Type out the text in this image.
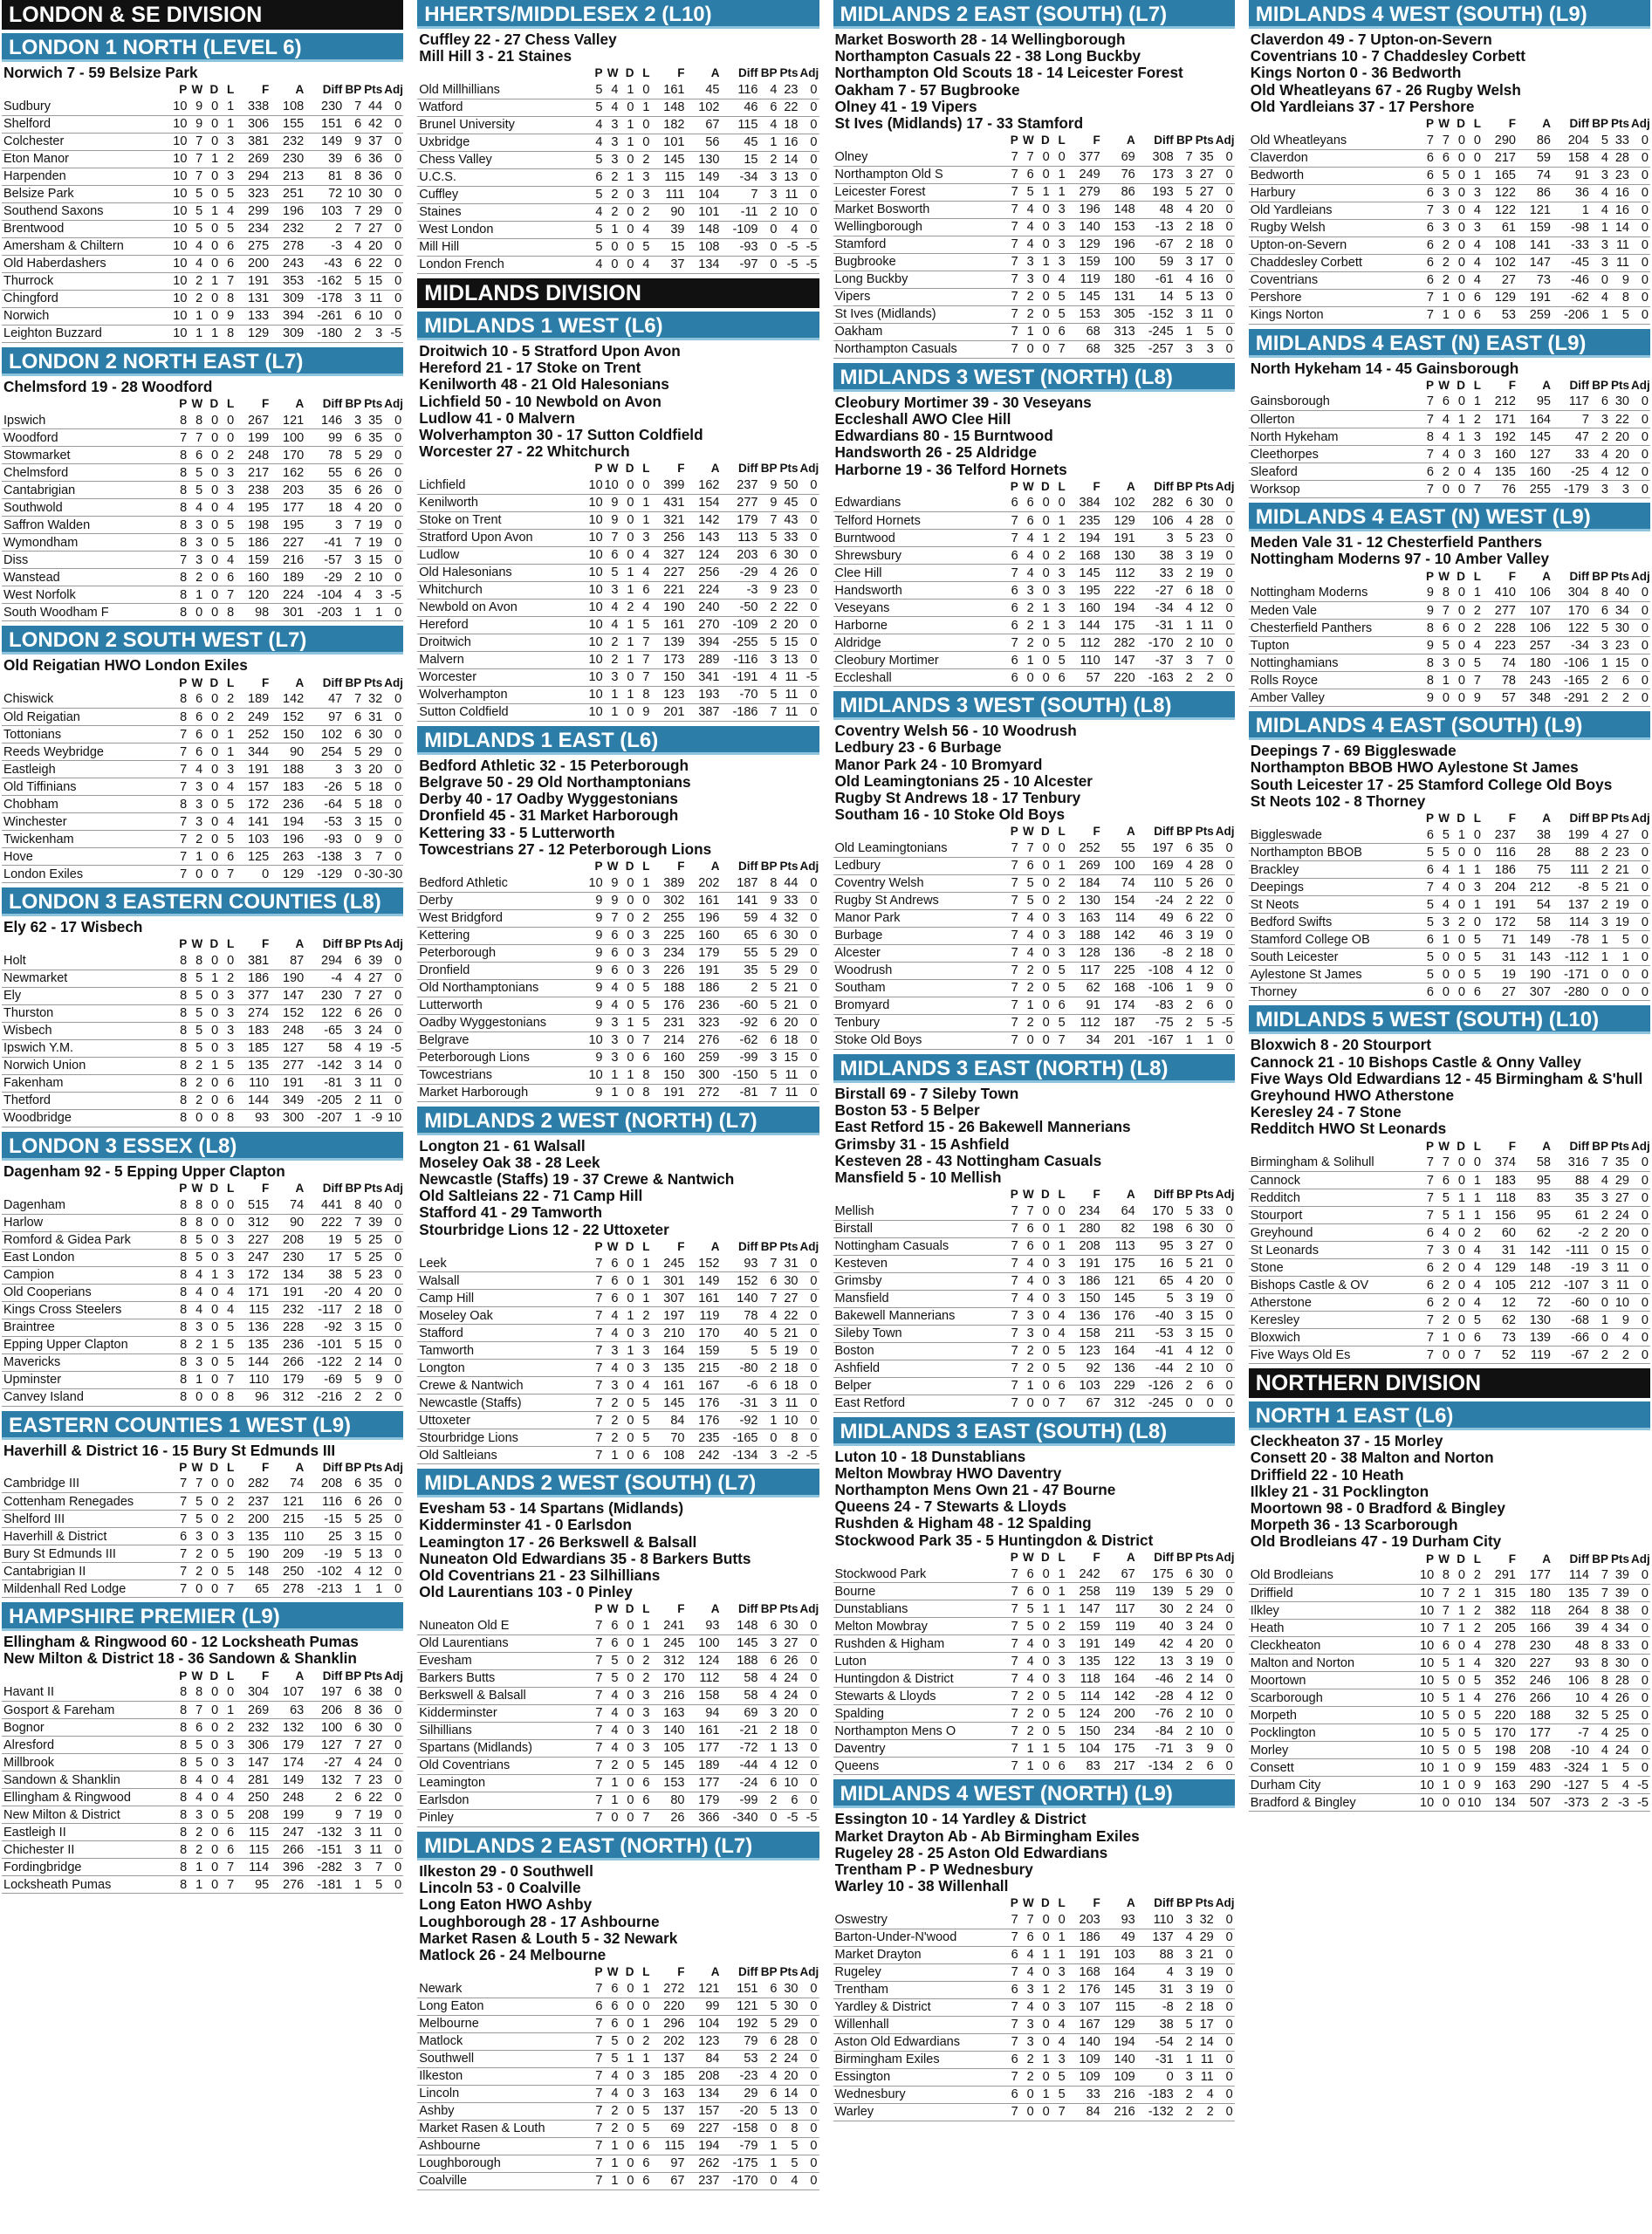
LONDON & SE DIVISION
LONDON 1 NORTH (LEVEL 6)
Norwich 7 - 59 Belsize Park
	P	W	D	L	F	A	Diff	BP	Pts	Adj
Sudbury	10	9	0	1	338	108	230	7	44	0
Shelford	10	9	0	1	306	155	151	6	42	0
Colchester	10	7	0	3	381	232	149	9	37	0
Eton Manor	10	7	1	2	269	230	39	6	36	0
Harpenden	10	7	0	3	294	213	81	8	36	0
Belsize Park	10	5	0	5	323	251	72	10	30	0
Southend Saxons	10	5	1	4	299	196	103	7	29	0
Brentwood	10	5	0	5	234	232	2	7	27	0
Amersham & Chiltern	10	4	0	6	275	278	-3	4	20	0
Old Haberdashers	10	4	0	6	200	243	-43	6	22	0
Thurrock	10	2	1	7	191	353	-162	5	15	0
Chingford	10	2	0	8	131	309	-178	3	11	0
Norwich	10	1	0	9	133	394	-261	6	10	0
Leighton Buzzard	10	1	1	8	129	309	-180	2	3	-5
LONDON 2 NORTH EAST (L7)
Chelmsford 19 - 28 Woodford
	P	W	D	L	F	A	Diff	BP	Pts	Adj
Ipswich	8	8	0	0	267	121	146	3	35	0
Woodford	7	7	0	0	199	100	99	6	35	0
Stowmarket	8	6	0	2	248	170	78	5	29	0
Chelmsford	8	5	0	3	217	162	55	6	26	0
Cantabrigian	8	5	0	3	238	203	35	6	26	0
Southwold	8	4	0	4	195	177	18	4	20	0
Saffron Walden	8	3	0	5	198	195	3	7	19	0
Wymondham	8	3	0	5	186	227	-41	7	19	0
Diss	7	3	0	4	159	216	-57	3	15	0
Wanstead	8	2	0	6	160	189	-29	2	10	0
West Norfolk	8	1	0	7	120	224	-104	4	3	-5
South Woodham F	8	0	0	8	98	301	-203	1	1	0
LONDON 2 SOUTH WEST (L7)
Old Reigatian HWO London Exiles
	P	W	D	L	F	A	Diff	BP	Pts	Adj
Chiswick	8	6	0	2	189	142	47	7	32	0
Old Reigatian	8	6	0	2	249	152	97	6	31	0
Tottonians	7	6	0	1	252	150	102	6	30	0
Reeds Weybridge	7	6	0	1	344	90	254	5	29	0
Eastleigh	7	4	0	3	191	188	3	3	20	0
Old Tiffinians	7	3	0	4	157	183	-26	5	18	0
Chobham	8	3	0	5	172	236	-64	5	18	0
Winchester	7	3	0	4	141	194	-53	3	15	0
Twickenham	7	2	0	5	103	196	-93	0	9	0
Hove	7	1	0	6	125	263	-138	3	7	0
London Exiles	7	0	0	7	0	129	-129	0	-30	-30
LONDON 3 EASTERN COUNTIES (L8)
Ely 62 - 17 Wisbech
	P	W	D	L	F	A	Diff	BP	Pts	Adj
Holt	8	8	0	0	381	87	294	6	39	0
Newmarket	8	5	1	2	186	190	-4	4	27	0
Ely	8	5	0	3	377	147	230	7	27	0
Thurston	8	5	0	3	274	152	122	6	26	0
Wisbech	8	5	0	3	183	248	-65	3	24	0
Ipswich Y.M.	8	5	0	3	185	127	58	4	19	-5
Norwich Union	8	2	1	5	135	277	-142	3	14	0
Fakenham	8	2	0	6	110	191	-81	3	11	0
Thetford	8	2	0	6	144	349	-205	2	11	0
Woodbridge	8	0	0	8	93	300	-207	1	-9	10
LONDON 3 ESSEX (L8)
Dagenham 92 - 5 Epping Upper Clapton
	P	W	D	L	F	A	Diff	BP	Pts	Adj
Dagenham	8	8	0	0	515	74	441	8	40	0
Harlow	8	8	0	0	312	90	222	7	39	0
Romford & Gidea Park	8	5	0	3	227	208	19	5	25	0
East London	8	5	0	3	247	230	17	5	25	0
Campion	8	4	1	3	172	134	38	5	23	0
Old Cooperians	8	4	0	4	171	191	-20	4	20	0
Kings Cross Steelers	8	4	0	4	115	232	-117	2	18	0
Braintree	8	3	0	5	136	228	-92	3	15	0
Epping Upper Clapton	8	2	1	5	135	236	-101	5	15	0
Mavericks	8	3	0	5	144	266	-122	2	14	0
Upminster	8	1	0	7	110	179	-69	5	9	0
Canvey Island	8	0	0	8	96	312	-216	2	2	0
EASTERN COUNTIES 1 WEST (L9)
Haverhill & District 16 - 15 Bury St Edmunds III
	P	W	D	L	F	A	Diff	BP	Pts	Adj
Cambridge III	7	7	0	0	282	74	208	6	35	0
Cottenham Renegades	7	5	0	2	237	121	116	6	26	0
Shelford III	7	5	0	2	200	215	-15	5	25	0
Haverhill & District	6	3	0	3	135	110	25	3	15	0
Bury St Edmunds III	7	2	0	5	190	209	-19	5	13	0
Cantabrigian II	7	2	0	5	148	250	-102	4	12	0
Mildenhall Red Lodge	7	0	0	7	65	278	-213	1	1	0
HAMPSHIRE PREMIER (L9)
Ellingham & Ringwood 60 - 12 Locksheath Pumas
New Milton & District 18 - 36 Sandown & Shanklin
	P	W	D	L	F	A	Diff	BP	Pts	Adj
Havant II	8	8	0	0	304	107	197	6	38	0
Gosport & Fareham	8	7	0	1	269	63	206	8	36	0
Bognor	8	6	0	2	232	132	100	6	30	0
Alresford	8	5	0	3	306	179	127	7	27	0
Millbrook	8	5	0	3	147	174	-27	4	24	0
Sandown & Shanklin	8	4	0	4	281	149	132	7	23	0
Ellingham & Ringwood	8	4	0	4	250	248	2	6	22	0
New Milton & District	8	3	0	5	208	199	9	7	19	0
Eastleigh II	8	2	0	6	115	247	-132	3	11	0
Chichester II	8	2	0	6	115	266	-151	3	11	0
Fordingbridge	8	1	0	7	114	396	-282	3	7	0
Locksheath Pumas	8	1	0	7	95	276	-181	1	5	0
HHERTS/MIDDLESEX 2 (L10)
Cuffley 22 - 27 Chess Valley
Mill Hill 3 - 21 Staines
	P	W	D	L	F	A	Diff	BP	Pts	Adj
Old Millhillians	5	4	1	0	161	45	116	4	23	0
Watford	5	4	0	1	148	102	46	6	22	0
Brunel University	4	3	1	0	182	67	115	4	18	0
Uxbridge	4	3	1	0	101	56	45	1	16	0
Chess Valley	5	3	0	2	145	130	15	2	14	0
U.C.S.	6	2	1	3	115	149	-34	3	13	0
Cuffley	5	2	0	3	111	104	7	3	11	0
Staines	4	2	0	2	90	101	-11	2	10	0
West London	5	1	0	4	39	148	-109	0	4	0
Mill Hill	5	0	0	5	15	108	-93	0	-5	-5
London French	4	0	0	4	37	134	-97	0	-5	-5
MIDLANDS DIVISION
MIDLANDS 1 WEST (L6)
Droitwich 10 - 5 Stratford Upon Avon
Hereford 21 - 17 Stoke on Trent
Kenilworth 48 - 21 Old Halesonians
Lichfield 50 - 10 Newbold on Avon
Ludlow 41 - 0 Malvern
Wolverhampton 30 - 17 Sutton Coldfield
Worcester 27 - 22 Whitchurch
	P	W	D	L	F	A	Diff	BP	Pts	Adj
Lichfield	10	10	0	0	399	162	237	9	50	0
Kenilworth	10	9	0	1	431	154	277	9	45	0
Stoke on Trent	10	9	0	1	321	142	179	7	43	0
Stratford Upon Avon	10	7	0	3	256	143	113	5	33	0
Ludlow	10	6	0	4	327	124	203	6	30	0
Old Halesonians	10	5	1	4	227	256	-29	4	26	0
Whitchurch	10	3	1	6	221	224	-3	9	23	0
Newbold on Avon	10	4	2	4	190	240	-50	2	22	0
Hereford	10	4	1	5	161	270	-109	2	20	0
Droitwich	10	2	1	7	139	394	-255	5	15	0
Malvern	10	2	1	7	173	289	-116	3	13	0
Worcester	10	3	0	7	150	341	-191	4	11	-5
Wolverhampton	10	1	1	8	123	193	-70	5	11	0
Sutton Coldfield	10	1	0	9	201	387	-186	7	11	0
MIDLANDS 1 EAST (L6)
Bedford Athletic 32 - 15 Peterborough
Belgrave 50 - 29 Old Northamptonians
Derby 40 - 17 Oadby Wyggestonians
Dronfield 45 - 31 Market Harborough
Kettering 33 - 5 Lutterworth
Towcestrians 27 - 12 Peterborough Lions
	P	W	D	L	F	A	Diff	BP	Pts	Adj
Bedford Athletic	10	9	0	1	389	202	187	8	44	0
Derby	9	9	0	0	302	161	141	9	33	0
West Bridgford	9	7	0	2	255	196	59	4	32	0
Kettering	9	6	0	3	225	160	65	6	30	0
Peterborough	9	6	0	3	234	179	55	5	29	0
Dronfield	9	6	0	3	226	191	35	5	29	0
Old Northamptonians	9	4	0	5	188	186	2	5	21	0
Lutterworth	9	4	0	5	176	236	-60	5	21	0
Oadby Wyggestonians	9	3	1	5	231	323	-92	6	20	0
Belgrave	10	3	0	7	214	276	-62	6	18	0
Peterborough Lions	9	3	0	6	160	259	-99	3	15	0
Towcestrians	10	1	1	8	150	300	-150	5	11	0
Market Harborough	9	1	0	8	191	272	-81	7	11	0
MIDLANDS 2 WEST (NORTH) (L7)
Longton 21 - 61 Walsall
Moseley Oak 38 - 28 Leek
Newcastle (Staffs) 19 - 37 Crewe & Nantwich
Old Saltleians 22 - 71 Camp Hill
Stafford 41 - 29 Tamworth
Stourbridge Lions 12 - 22 Uttoxeter
	P	W	D	L	F	A	Diff	BP	Pts	Adj
Leek	7	6	0	1	245	152	93	7	31	0
Walsall	7	6	0	1	301	149	152	6	30	0
Camp Hill	7	6	0	1	307	161	140	7	27	0
Moseley Oak	7	4	1	2	197	119	78	4	22	0
Stafford	7	4	0	3	210	170	40	5	21	0
Tamworth	7	3	1	3	164	159	5	5	19	0
Longton	7	4	0	3	135	215	-80	2	18	0
Crewe & Nantwich	7	3	0	4	161	167	-6	6	18	0
Newcastle (Staffs)	7	2	0	5	145	176	-31	3	11	0
Uttoxeter	7	2	0	5	84	176	-92	1	10	0
Stourbridge Lions	7	2	0	5	70	235	-165	0	8	0
Old Saltleians	7	1	0	6	108	242	-134	3	-2	-5
MIDLANDS 2 WEST (SOUTH) (L7)
Evesham 53 - 14 Spartans (Midlands)
Kidderminster 41 - 0 Earlsdon
Leamington 17 - 26 Berkswell & Balsall
Nuneaton Old Edwardians 35 - 8 Barkers Butts
Old Coventrians 21 - 23 Silhillians
Old Laurentians 103 - 0 Pinley
	P	W	D	L	F	A	Diff	BP	Pts	Adj
Nuneaton Old E	7	6	0	1	241	93	148	6	30	0
Old Laurentians	7	6	0	1	245	100	145	3	27	0
Evesham	7	5	0	2	312	124	188	6	26	0
Barkers Butts	7	5	0	2	170	112	58	4	24	0
Berkswell & Balsall	7	4	0	3	216	158	58	4	24	0
Kidderminster	7	4	0	3	163	94	69	3	20	0
Silhillians	7	4	0	3	140	161	-21	2	18	0
Spartans (Midlands)	7	4	0	3	105	177	-72	1	13	0
Old Coventrians	7	2	0	5	145	189	-44	4	12	0
Leamington	7	1	0	6	153	177	-24	6	10	0
Earlsdon	7	1	0	6	80	179	-99	2	6	0
Pinley	7	0	0	7	26	366	-340	0	-5	-5
MIDLANDS 2 EAST (NORTH) (L7)
Ilkeston 29 - 0 Southwell
Lincoln 53 - 0 Coalville
Long Eaton HWO Ashby
Loughborough 28 - 17 Ashbourne
Market Rasen & Louth 5 - 32 Newark
Matlock 26 - 24 Melbourne
	P	W	D	L	F	A	Diff	BP	Pts	Adj
Newark	7	6	0	1	272	121	151	6	30	0
Long Eaton	6	6	0	0	220	99	121	5	30	0
Melbourne	7	6	0	1	296	104	192	5	29	0
Matlock	7	5	0	2	202	123	79	6	28	0
Southwell	7	5	1	1	137	84	53	2	24	0
Ilkeston	7	4	0	3	185	208	-23	4	20	0
Lincoln	7	4	0	3	163	134	29	6	14	0
Ashby	7	2	0	5	137	157	-20	5	13	0
Market Rasen & Louth	7	2	0	5	69	227	-158	0	8	0
Ashbourne	7	1	0	6	115	194	-79	1	5	0
Loughborough	7	1	0	6	97	262	-175	1	5	0
Coalville	7	1	0	6	67	237	-170	0	4	0
MIDLANDS 2 EAST (SOUTH) (L7)
Market Bosworth 28 - 14 Wellingborough
Northampton Casuals 22 - 38 Long Buckby
Northampton Old Scouts 18 - 14 Leicester Forest
Oakham 7 - 57 Bugbrooke
Olney 41 - 19 Vipers
St Ives (Midlands) 17 - 33 Stamford
	P	W	D	L	F	A	Diff	BP	Pts	Adj
Olney	7	7	0	0	377	69	308	7	35	0
Northampton Old S	7	6	0	1	249	76	173	3	27	0
Leicester Forest	7	5	1	1	279	86	193	5	27	0
Market Bosworth	7	4	0	3	196	148	48	4	20	0
Wellingborough	7	4	0	3	140	153	-13	2	18	0
Stamford	7	4	0	3	129	196	-67	2	18	0
Bugbrooke	7	3	1	3	159	100	59	3	17	0
Long Buckby	7	3	0	4	119	180	-61	4	16	0
Vipers	7	2	0	5	145	131	14	5	13	0
St Ives (Midlands)	7	2	0	5	153	305	-152	3	11	0
Oakham	7	1	0	6	68	313	-245	1	5	0
Northampton Casuals	7	0	0	7	68	325	-257	3	3	0
MIDLANDS 3 WEST (NORTH) (L8)
Cleobury Mortimer 39 - 30 Veseyans
Eccleshall AWO Clee Hill
Edwardians 80 - 15 Burntwood
Handsworth 26 - 25 Aldridge
Harborne 19 - 36 Telford Hornets
	P	W	D	L	F	A	Diff	BP	Pts	Adj
Edwardians	6	6	0	0	384	102	282	6	30	0
Telford Hornets	7	6	0	1	235	129	106	4	28	0
Burntwood	7	4	1	2	194	191	3	5	23	0
Shrewsbury	6	4	0	2	168	130	38	3	19	0
Clee Hill	7	4	0	3	145	112	33	2	19	0
Handsworth	6	3	0	3	195	222	-27	6	18	0
Veseyans	6	2	1	3	160	194	-34	4	12	0
Harborne	6	2	1	3	144	175	-31	1	11	0
Aldridge	7	2	0	5	112	282	-170	2	10	0
Cleobury Mortimer	6	1	0	5	110	147	-37	3	7	0
Eccleshall	6	0	0	6	57	220	-163	2	2	0
MIDLANDS 3 WEST (SOUTH) (L8)
Coventry Welsh 56 - 10 Woodrush
Ledbury 23 - 6 Burbage
Manor Park 24 - 10 Bromyard
Old Leamingtonians 25 - 10 Alcester
Rugby St Andrews 18 - 17 Tenbury
Southam 16 - 10 Stoke Old Boys
	P	W	D	L	F	A	Diff	BP	Pts	Adj
Old Leamingtonians	7	7	0	0	252	55	197	6	35	0
Ledbury	7	6	0	1	269	100	169	4	28	0
Coventry Welsh	7	5	0	2	184	74	110	5	26	0
Rugby St Andrews	7	5	0	2	130	154	-24	2	22	0
Manor Park	7	4	0	3	163	114	49	6	22	0
Burbage	7	4	0	3	188	142	46	3	19	0
Alcester	7	4	0	3	128	136	-8	2	18	0
Woodrush	7	2	0	5	117	225	-108	4	12	0
Southam	7	2	0	5	62	168	-106	1	9	0
Bromyard	7	1	0	6	91	174	-83	2	6	0
Tenbury	7	2	0	5	112	187	-75	2	5	-5
Stoke Old Boys	7	0	0	7	34	201	-167	1	1	0
MIDLANDS 3 EAST (NORTH) (L8)
Birstall 69 - 7 Sileby Town
Boston 53 - 5 Belper
East Retford 15 - 26 Bakewell Mannerians
Grimsby 31 - 15 Ashfield
Kesteven 28 - 43 Nottingham Casuals
Mansfield 5 - 10 Mellish
	P	W	D	L	F	A	Diff	BP	Pts	Adj
Mellish	7	7	0	0	234	64	170	5	33	0
Birstall	7	6	0	1	280	82	198	6	30	0
Nottingham Casuals	7	6	0	1	208	113	95	3	27	0
Kesteven	7	4	0	3	191	175	16	5	21	0
Grimsby	7	4	0	3	186	121	65	4	20	0
Mansfield	7	4	0	3	150	145	5	3	19	0
Bakewell Mannerians	7	3	0	4	136	176	-40	3	15	0
Sileby Town	7	3	0	4	158	211	-53	3	15	0
Boston	7	2	0	5	123	164	-41	4	12	0
Ashfield	7	2	0	5	92	136	-44	2	10	0
Belper	7	1	0	6	103	229	-126	2	6	0
East Retford	7	0	0	7	67	312	-245	0	0	0
MIDLANDS 3 EAST (SOUTH) (L8)
Luton 10 - 18 Dunstablians
Melton Mowbray HWO Daventry
Northampton Mens Own 21 - 47 Bourne
Queens 24 - 7 Stewarts & Lloyds
Rushden & Higham 48 - 12 Spalding
Stockwood Park 35 - 5 Huntingdon & District
	P	W	D	L	F	A	Diff	BP	Pts	Adj
Stockwood Park	7	6	0	1	242	67	175	6	30	0
Bourne	7	6	0	1	258	119	139	5	29	0
Dunstablians	7	5	1	1	147	117	30	2	24	0
Melton Mowbray	7	5	0	2	159	119	40	3	24	0
Rushden & Higham	7	4	0	3	191	149	42	4	20	0
Luton	7	4	0	3	135	122	13	3	19	0
Huntingdon & District	7	4	0	3	118	164	-46	2	14	0
Stewarts & Lloyds	7	2	0	5	114	142	-28	4	12	0
Spalding	7	2	0	5	124	200	-76	2	10	0
Northampton Mens O	7	2	0	5	150	234	-84	2	10	0
Daventry	7	1	1	5	104	175	-71	3	9	0
Queens	7	1	0	6	83	217	-134	2	6	0
MIDLANDS 4 WEST (NORTH) (L9)
Essington 10 - 14 Yardley & District
Market Drayton Ab - Ab Birmingham Exiles
Rugeley 28 - 25 Aston Old Edwardians
Trentham P - P Wednesbury
Warley 10 - 38 Willenhall
	P	W	D	L	F	A	Diff	BP	Pts	Adj
Oswestry	7	7	0	0	203	93	110	3	32	0
Barton-Under-N'wood	7	6	0	1	186	49	137	4	29	0
Market Drayton	6	4	1	1	191	103	88	3	21	0
Rugeley	7	4	0	3	168	164	4	3	19	0
Trentham	6	3	1	2	176	145	31	3	19	0
Yardley & District	7	4	0	3	107	115	-8	2	18	0
Willenhall	7	3	0	4	167	129	38	5	17	0
Aston Old Edwardians	7	3	0	4	140	194	-54	2	14	0
Birmingham Exiles	6	2	1	3	109	140	-31	1	11	0
Essington	7	2	0	5	109	109	0	3	11	0
Wednesbury	6	0	1	5	33	216	-183	2	4	0
Warley	7	0	0	7	84	216	-132	2	2	0
MIDLANDS 4 WEST (SOUTH) (L9)
Claverdon 49 - 7 Upton-on-Severn
Coventrians 10 - 7 Chaddesley Corbett
Kings Norton 0 - 36 Bedworth
Old Wheatleyans 67 - 26 Rugby Welsh
Old Yardleians 37 - 17 Pershore
	P	W	D	L	F	A	Diff	BP	Pts	Adj
Old Wheatleyans	7	7	0	0	290	86	204	5	33	0
Claverdon	6	6	0	0	217	59	158	4	28	0
Bedworth	6	5	0	1	165	74	91	3	23	0
Harbury	6	3	0	3	122	86	36	4	16	0
Old Yardleians	7	3	0	4	122	121	1	4	16	0
Rugby Welsh	6	3	0	3	61	159	-98	1	14	0
Upton-on-Severn	6	2	0	4	108	141	-33	3	11	0
Chaddesley Corbett	6	2	0	4	102	147	-45	3	11	0
Coventrians	6	2	0	4	27	73	-46	0	9	0
Pershore	7	1	0	6	129	191	-62	4	8	0
Kings Norton	7	1	0	6	53	259	-206	1	5	0
MIDLANDS 4 EAST (N) EAST (L9)
North Hykeham 14 - 45 Gainsborough
	P	W	D	L	F	A	Diff	BP	Pts	Adj
Gainsborough	7	6	0	1	212	95	117	6	30	0
Ollerton	7	4	1	2	171	164	7	3	22	0
North Hykeham	8	4	1	3	192	145	47	2	20	0
Cleethorpes	7	4	0	3	160	127	33	4	20	0
Sleaford	6	2	0	4	135	160	-25	4	12	0
Worksop	7	0	0	7	76	255	-179	3	3	0
MIDLANDS 4 EAST (N) WEST (L9)
Meden Vale 31 - 12 Chesterfield Panthers
Nottingham Moderns 97 - 10 Amber Valley
	P	W	D	L	F	A	Diff	BP	Pts	Adj
Nottingham Moderns	9	8	0	1	410	106	304	8	40	0
Meden Vale	9	7	0	2	277	107	170	6	34	0
Chesterfield Panthers	8	6	0	2	228	106	122	5	30	0
Tupton	9	5	0	4	223	257	-34	3	23	0
Nottinghamians	8	3	0	5	74	180	-106	1	15	0
Rolls Royce	8	1	0	7	78	243	-165	2	6	0
Amber Valley	9	0	0	9	57	348	-291	2	2	0
MIDLANDS 4 EAST (SOUTH) (L9)
Deepings 7 - 69 Biggleswade
Northampton BBOB HWO Aylestone St James
South Leicester 17 - 25 Stamford College Old Boys
St Neots 102 - 8 Thorney
	P	W	D	L	F	A	Diff	BP	Pts	Adj
Biggleswade	6	5	1	0	237	38	199	4	27	0
Northampton BBOB	5	5	0	0	116	28	88	2	23	0
Brackley	6	4	1	1	186	75	111	2	21	0
Deepings	7	4	0	3	204	212	-8	5	21	0
St Neots	5	4	0	1	191	54	137	2	19	0
Bedford Swifts	5	3	2	0	172	58	114	3	19	0
Stamford College OB	6	1	0	5	71	149	-78	1	5	0
South Leicester	5	0	0	5	31	143	-112	1	1	0
Aylestone St James	5	0	0	5	19	190	-171	0	0	0
Thorney	6	0	0	6	27	307	-280	0	0	0
MIDLANDS 5 WEST (SOUTH) (L10)
Bloxwich 8 - 20 Stourport
Cannock 21 - 10 Bishops Castle & Onny Valley
Five Ways Old Edwardians 12 - 45 Birmingham & S'hull
Greyhound HWO Atherstone
Keresley 24 - 7 Stone
Redditch HWO St Leonards
	P	W	D	L	F	A	Diff	BP	Pts	Adj
Birmingham & Solihull	7	7	0	0	374	58	316	7	35	0
Cannock	7	6	0	1	183	95	88	4	29	0
Redditch	7	5	1	1	118	83	35	3	27	0
Stourport	7	5	1	1	156	95	61	2	24	0
Greyhound	6	4	0	2	60	62	-2	2	20	0
St Leonards	7	3	0	4	31	142	-111	0	15	0
Stone	6	2	0	4	129	148	-19	3	11	0
Bishops Castle & OV	6	2	0	4	105	212	-107	3	11	0
Atherstone	6	2	0	4	12	72	-60	0	10	0
Keresley	7	2	0	5	62	130	-68	1	9	0
Bloxwich	7	1	0	6	73	139	-66	0	4	0
Five Ways Old Es	7	0	0	7	52	119	-67	2	2	0
NORTHERN DIVISION
NORTH 1 EAST (L6)
Cleckheaton 37 - 15 Morley
Consett 20 - 38 Malton and Norton
Driffield 22 - 10 Heath
Ilkley 21 - 31 Pocklington
Moortown 98 - 0 Bradford & Bingley
Morpeth 36 - 13 Scarborough
Old Brodleians 47 - 19 Durham City
	P	W	D	L	F	A	Diff	BP	Pts	Adj
Old Brodleians	10	8	0	2	291	177	114	7	39	0
Driffield	10	7	2	1	315	180	135	7	39	0
Ilkley	10	7	1	2	382	118	264	8	38	0
Heath	10	7	1	2	205	166	39	4	34	0
Cleckheaton	10	6	0	4	278	230	48	8	33	0
Malton and Norton	10	5	1	4	320	227	93	8	30	0
Moortown	10	5	0	5	352	246	106	8	28	0
Scarborough	10	5	1	4	276	266	10	4	26	0
Morpeth	10	5	0	5	220	188	32	5	25	0
Pocklington	10	5	0	5	170	177	-7	4	25	0
Morley	10	5	0	5	198	208	-10	4	24	0
Consett	10	1	0	9	159	483	-324	1	5	0
Durham City	10	1	0	9	163	290	-127	5	4	-5
Bradford & Bingley	10	0	0	10	134	507	-373	2	-3	-5
